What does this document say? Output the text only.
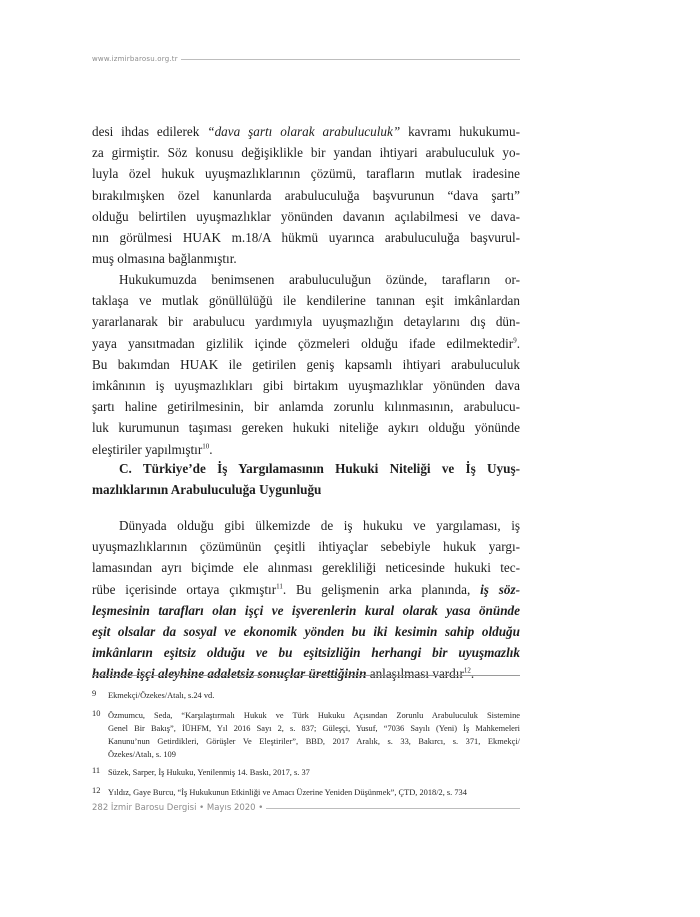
www.izmirbarosu.org.tr

desi ihdas edilerek “dava şartı olarak arabuluculuk” kavramı hukukumu-
za girmiştir. Söz konusu değişiklikle bir yandan ihtiyari arabuluculuk yo-
luyla özel hukuk uyuşmazlıklarının çözümü, tarafların mutlak iradesine
bırakılmışken özel kanunlarda arabuluculuğa başvurunun “dava şartı”
olduğu belirtilen uyuşmazlıklar yönünden davanın açılabilmesi ve dava-
nın görülmesi HUAK m.18/A hükmü uyarınca arabuluculuğa başvurul-
muş olmasına bağlanmıştır.

Hukukumuzda benimsenen arabuluculuğun özünde, tarafların or-
taklaşa ve mutlak gönüllülüğü ile kendilerine tanınan eşit imkânlardan
yararlanarak bir arabulucu yardımıyla uyuşmazlığın detaylarını dış dün-
yaya yansıtmadan gizlilik içinde çözmeleri olduğu ifade edilmektedir$^9$.
Bu bakımdan HUAK ile getirilen geniş kapsamlı ihtiyari arabuluculuk
imkânının iş uyuşmazlıkları gibi birtakım uyuşmazlıklar yönünden dava
şartı haline getirilmesinin, bir anlamda zorunlu kılınmasının, arabulucu-
luk kurumunun taşıması gereken hukuki niteliğe aykırı olduğu yönünde
eleştiriler yapılmıştır$^{10}$.

C. Türkiye’de İş Yargılamasının Hukuki Niteliği ve İş Uyuş-
mazlıklarının Arabuluculuğa Uygunluğu

Dünyada olduğu gibi ülkemizde de iş hukuku ve yargılaması, iş
uyuşmazlıklarının çözümünün çeşitli ihtiyaçlar sebebiyle hukuk yargı-
lamasından ayrı biçimde ele alınması gerekliliği neticesinde hukuki tec-
rübe içerisinde ortaya çıkmıştır$^{11}$. Bu gelişmenin arka planında, iş söz-
leşmesinin tarafları olan işçi ve işverenlerin kural olarak yasa önünde
eşit olsalar da sosyal ve ekonomik yönden bu iki kesimin sahip olduğu
imkânların eşitsiz olduğu ve bu eşitsizliğin herhangi bir uyuşmazlık
halinde işçi aleyhine adaletsiz sonuçlar ürettiğinin anlaşılması vardır$^{12}$.

9 Ekmekçi/Özekes/Atalı, s.24 vd.
10 Özmumcu, Seda, “Karşılaştırmalı Hukuk ve Türk Hukuku Açısından Zorunlu Arabuluculuk Sistemine
Genel Bir Bakış”, İÜHFM, Yıl 2016 Sayı 2, s. 837; Güleşçi, Yusuf, “7036 Sayılı (Yeni) İş Mahkemeleri
Kanunu’nun Getirdikleri, Görüşler Ve Eleştiriler”, BBD, 2017 Aralık, s. 33, Bakırcı, s. 371, Ekmekçi/
Özekes/Atalı, s. 109
11 Süzek, Sarper, İş Hukuku, Yenilenmiş 14. Baskı, 2017, s. 37
12 Yıldız, Gaye Burcu, “İş Hukukunun Etkinliği ve Amacı Üzerine Yeniden Düşünmek”, ÇTD, 2018/2, s. 734
282 İzmir Barosu Dergisi • Mayıs 2020 •
